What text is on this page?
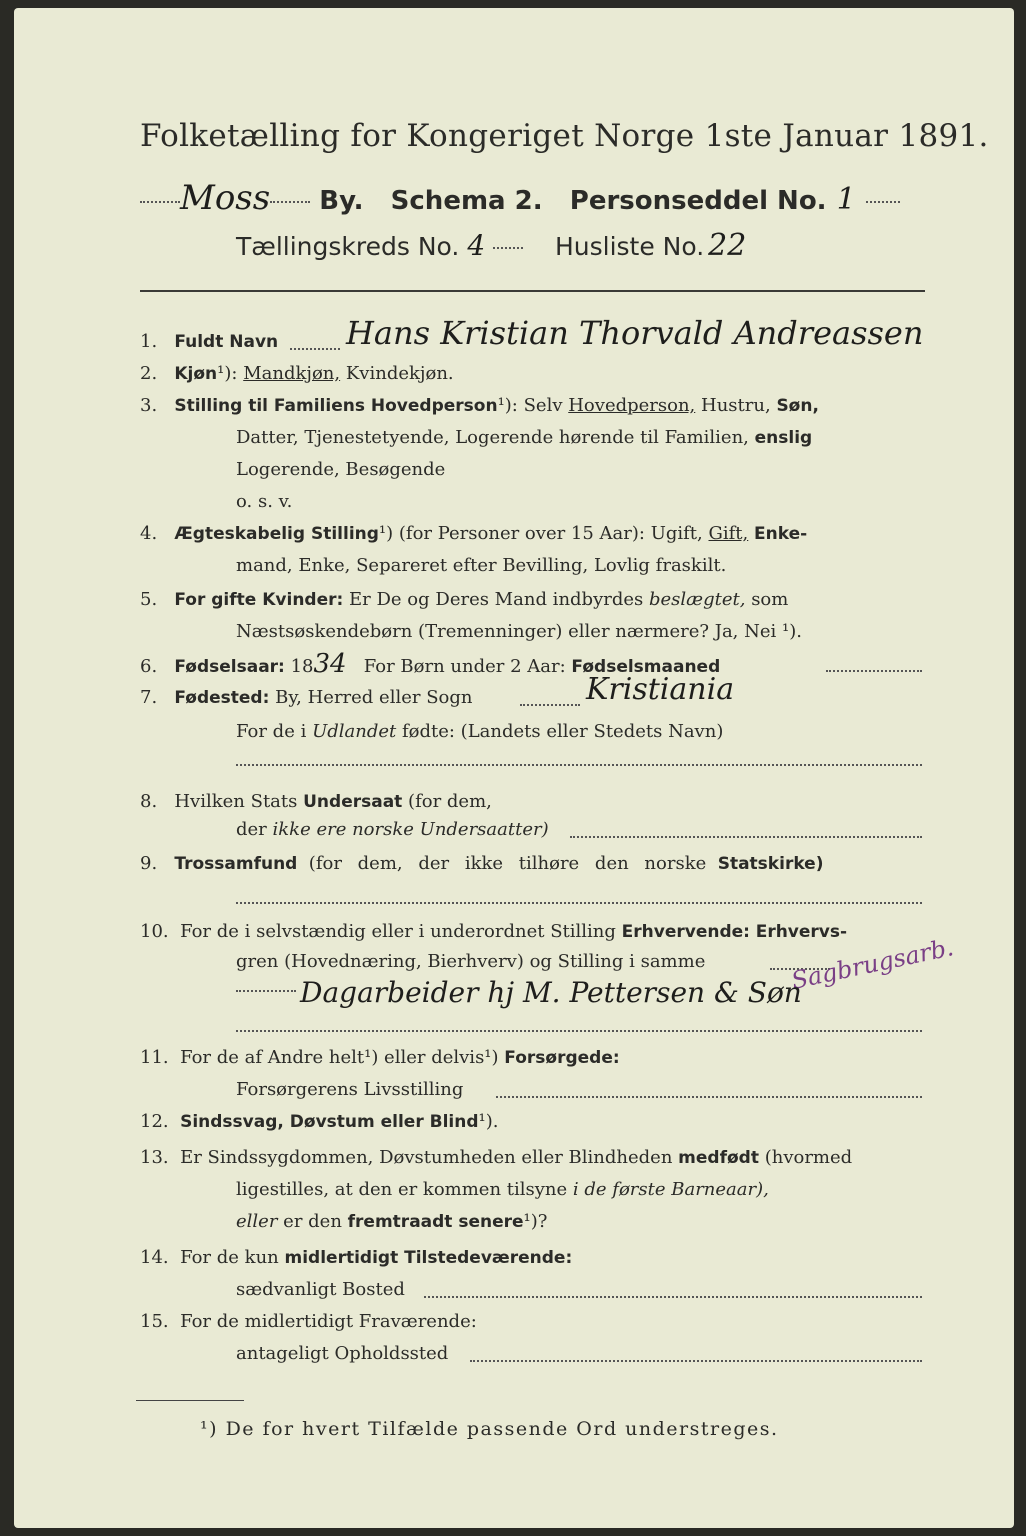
Folketælling for Kongeriget Norge 1ste Januar 1891.
Moss By. Schema 2. Personseddel No. 1
Tællingskreds No. 4	Husliste No. 22
1. Fuldt Navn Hans Kristian Thorvald Andreassen
2. Kjøn¹): Mandkjøn, Kvindekjøn.
3. Stilling til Familiens Hovedperson¹): Selv Hovedperson, Hustru, Søn,
Datter, Tjenestetyende, Logerende hørende til Familien, enslig
Logerende, Besøgende
o. s. v.
4. Ægteskabelig Stilling¹) (for Personer over 15 Aar): Ugift, Gift, Enke-
mand, Enke, Separeret efter Bevilling, Lovlig fraskilt.
5. For gifte Kvinder: Er De og Deres Mand indbyrdes beslægtet, som
Næstsøskendebørn (Tremenninger) eller nærmere? Ja, Nei ¹).
6. Fødselsaar: 1834 For Børn under 2 Aar: Fødselsmaaned
7. Fødested: By, Herred eller Sogn	Kristiania
For de i Udlandet fødte: (Landets eller Stedets Navn)
8. Hvilken Stats Undersaat (for dem,
der ikke ere norske Undersaatter)
9. Trossamfund (for dem, der ikke tilhøre den norske Statskirke)
10. For de i selvstændig eller i underordnet Stilling Erhvervende: Erhvervs-
gren (Hovednæring, Bierhverv) og Stilling i samme	Sagbrugsarb.
Dagarbeider hj M. Pettersen & Søn
11. For de af Andre helt¹) eller delvis¹) Forsørgede:
Forsørgerens Livsstilling
12. Sindssvag, Døvstum eller Blind¹).
13. Er Sindssygdommen, Døvstumheden eller Blindheden medfødt (hvormed
ligestilles, at den er kommen tilsyne i de første Barneaar),
eller er den fremtraadt senere¹)?
14. For de kun midlertidigt Tilstedeværende:
sædvanligt Bosted
15. For de midlertidigt Fraværende:
antageligt Opholdssted
¹) De for hvert Tilfælde passende Ord understreges.
